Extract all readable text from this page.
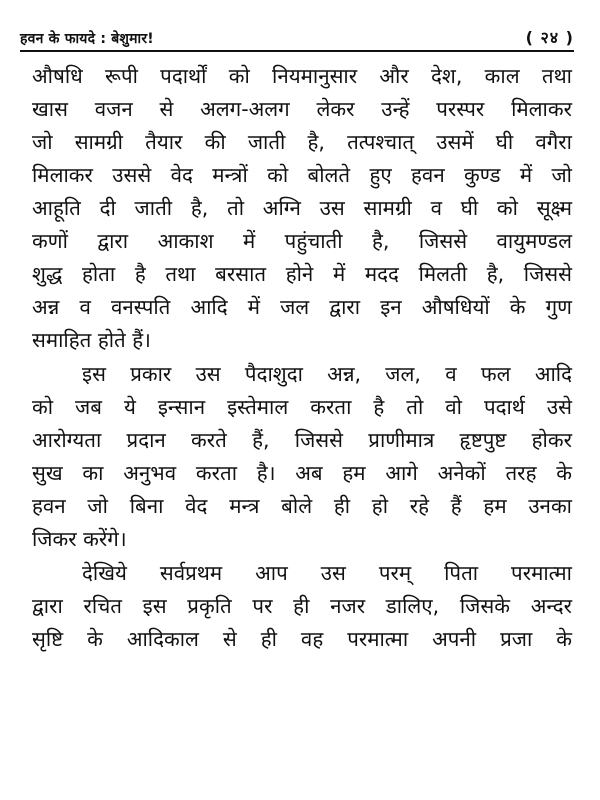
हवन के फायदे : बेशुमार!	( २४ )
औषधि रूपी पदार्थों को नियमानुसार और देश, काल तथा
खास वजन से अलग-अलग लेकर उन्हें परस्पर मिलाकर
जो सामग्री तैयार की जाती है, तत्पश्चात् उसमें घी वगैरा
मिलाकर उससे वेद मन्त्रों को बोलते हुए हवन कुण्ड में जो
आहूति दी जाती है, तो अग्नि उस सामग्री व घी को सूक्ष्म
कणों द्वारा आकाश में पहुंचाती है, जिससे वायुमण्डल
शुद्ध होता है तथा बरसात होने में मदद मिलती है, जिससे
अन्न व वनस्पति आदि में जल द्वारा इन औषधियों के गुण
समाहित होते हैं।
इस प्रकार उस पैदाशुदा अन्न, जल, व फल आदि
को जब ये इन्सान इस्तेमाल करता है तो वो पदार्थ उसे
आरोग्यता प्रदान करते हैं, जिससे प्राणीमात्र हृष्टपुष्ट होकर
सुख का अनुभव करता है। अब हम आगे अनेकों तरह के
हवन जो बिना वेद मन्त्र बोले ही हो रहे हैं हम उनका
जिकर करेंगे।
देखिये सर्वप्रथम आप उस परम् पिता परमात्मा
द्वारा रचित इस प्रकृति पर ही नजर डालिए, जिसके अन्दर
सृष्टि के आदिकाल से ही वह परमात्मा अपनी प्रजा के
